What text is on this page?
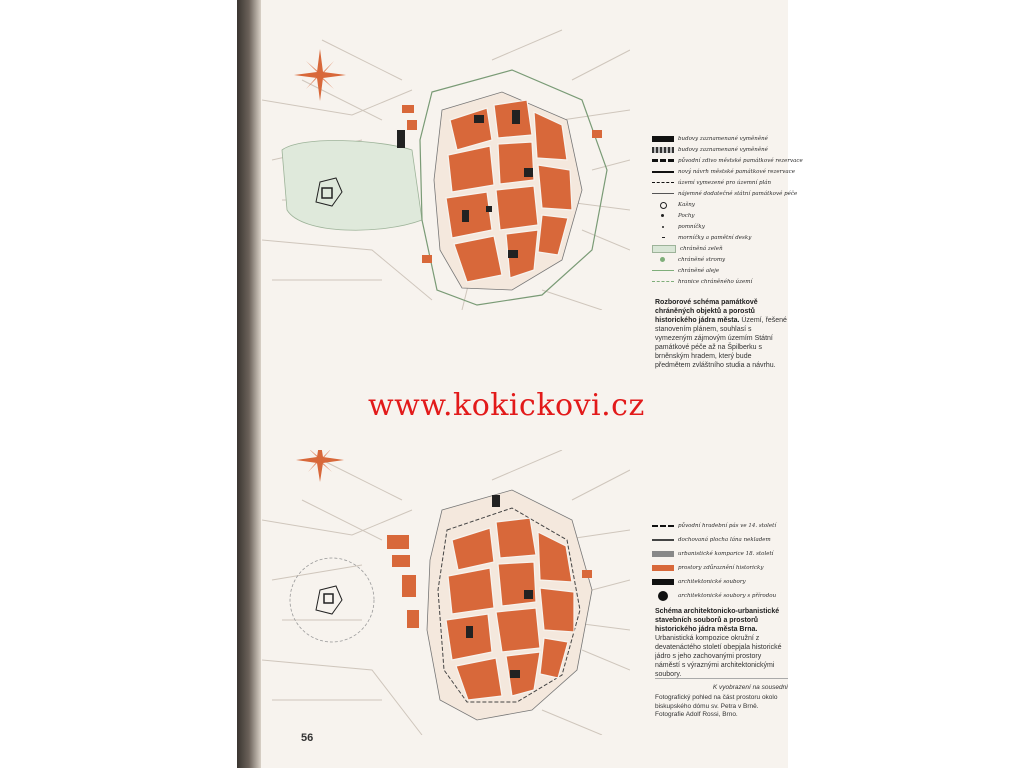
www.kokickovi.cz
budovy zaznamenané vyměněné
budovy zaznamenané vyměněné
původní zdivo městské památkové rezervace
nový návrh městské památkové rezervace
území vymezené pro územní plán
nájemné dodatečné státní památkové péče
Kašny
Pochy
pomníčky
morníčky a pamětní desky
chráněná zeleň
chráněné stromy
chráněné aleje
hranice chráněného území
Rozborové schéma památkově chráněných objektů a porostů historického jádra města. Území, řešené stanovením plánem, souhlasí s vymezeným zájmovým územím Státní památkové péče až na Špilberku s brněnským hradem, který bude předmětem zvláštního studia a návrhu.
původní hradební pás ve 14. století
dochovaná plocha lána nekladem
urbanistické komparice 18. století
prostory zdůraznění historicky
architektonické soubory
architektonické soubory s přírodou
Schéma architektonicko-urbanistické stavebních souborů a prostorů historického jádra města Brna. Urbanistická kompozice okružní z devatenáctého století obepjala historické jádro s jeho zachovanými prostory náměstí s výraznými architektonickými soubory.
K vyobrazení na sousední
Fotografický pohled na část prostoru okolo biskupského dómu sv. Petra v Brně. Fotografie Adolf Rossi, Brno.
56
